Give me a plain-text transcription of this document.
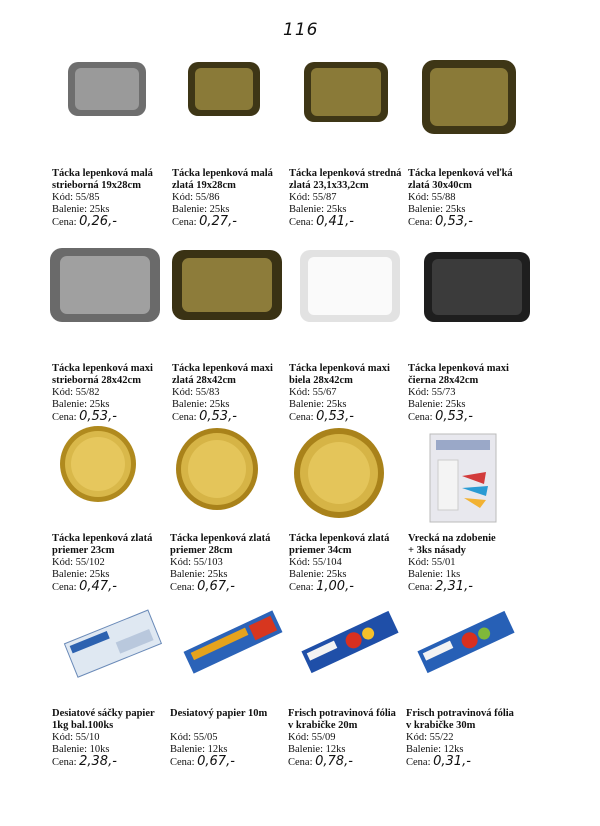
116
Tácka lepenková malá
strieborná 19x28cm
Kód: 55/85
Balenie: 25ks
Cena: 0,26,-
Tácka lepenková malá
zlatá 19x28cm
Kód: 55/86
Balenie: 25ks
Cena: 0,27,-
Tácka lepenková stredná
zlatá 23,1x33,2cm
Kód: 55/87
Balenie: 25ks
Cena: 0,41,-
Tácka lepenková veľká
zlatá 30x40cm
Kód: 55/88
Balenie: 25ks
Cena: 0,53,-
Tácka lepenková maxi
strieborná 28x42cm
Kód: 55/82
Balenie: 25ks
Cena: 0,53,-
Tácka lepenková maxi
zlatá 28x42cm
Kód: 55/83
Balenie: 25ks
Cena: 0,53,-
Tácka lepenková maxi
biela 28x42cm
Kód: 55/67
Balenie: 25ks
Cena: 0,53,-
Tácka lepenková maxi
čierna 28x42cm
Kód: 55/73
Balenie: 25ks
Cena: 0,53,-
Tácka lepenková zlatá
priemer 23cm
Kód: 55/102
Balenie: 25ks
Cena: 0,47,-
Tácka lepenková zlatá
priemer 28cm
Kód: 55/103
Balenie: 25ks
Cena: 0,67,-
Tácka lepenková zlatá
priemer 34cm
Kód: 55/104
Balenie: 25ks
Cena: 1,00,-
Vrecká na zdobenie
+ 3ks násady
Kód: 55/01
Balenie: 1ks
Cena: 2,31,-
Desiatové sáčky papier
1kg bal.100ks
Kód: 55/10
Balenie: 10ks
Cena: 2,38,-
Desiatový papier 10m

Kód: 55/05
Balenie: 12ks
Cena: 0,67,-
Frisch potravinová fólia
v krabičke 20m
Kód: 55/09
Balenie: 12ks
Cena: 0,78,-
Frisch potravinová fólia
v krabičke 30m
Kód: 55/22
Balenie: 12ks
Cena: 0,31,-
